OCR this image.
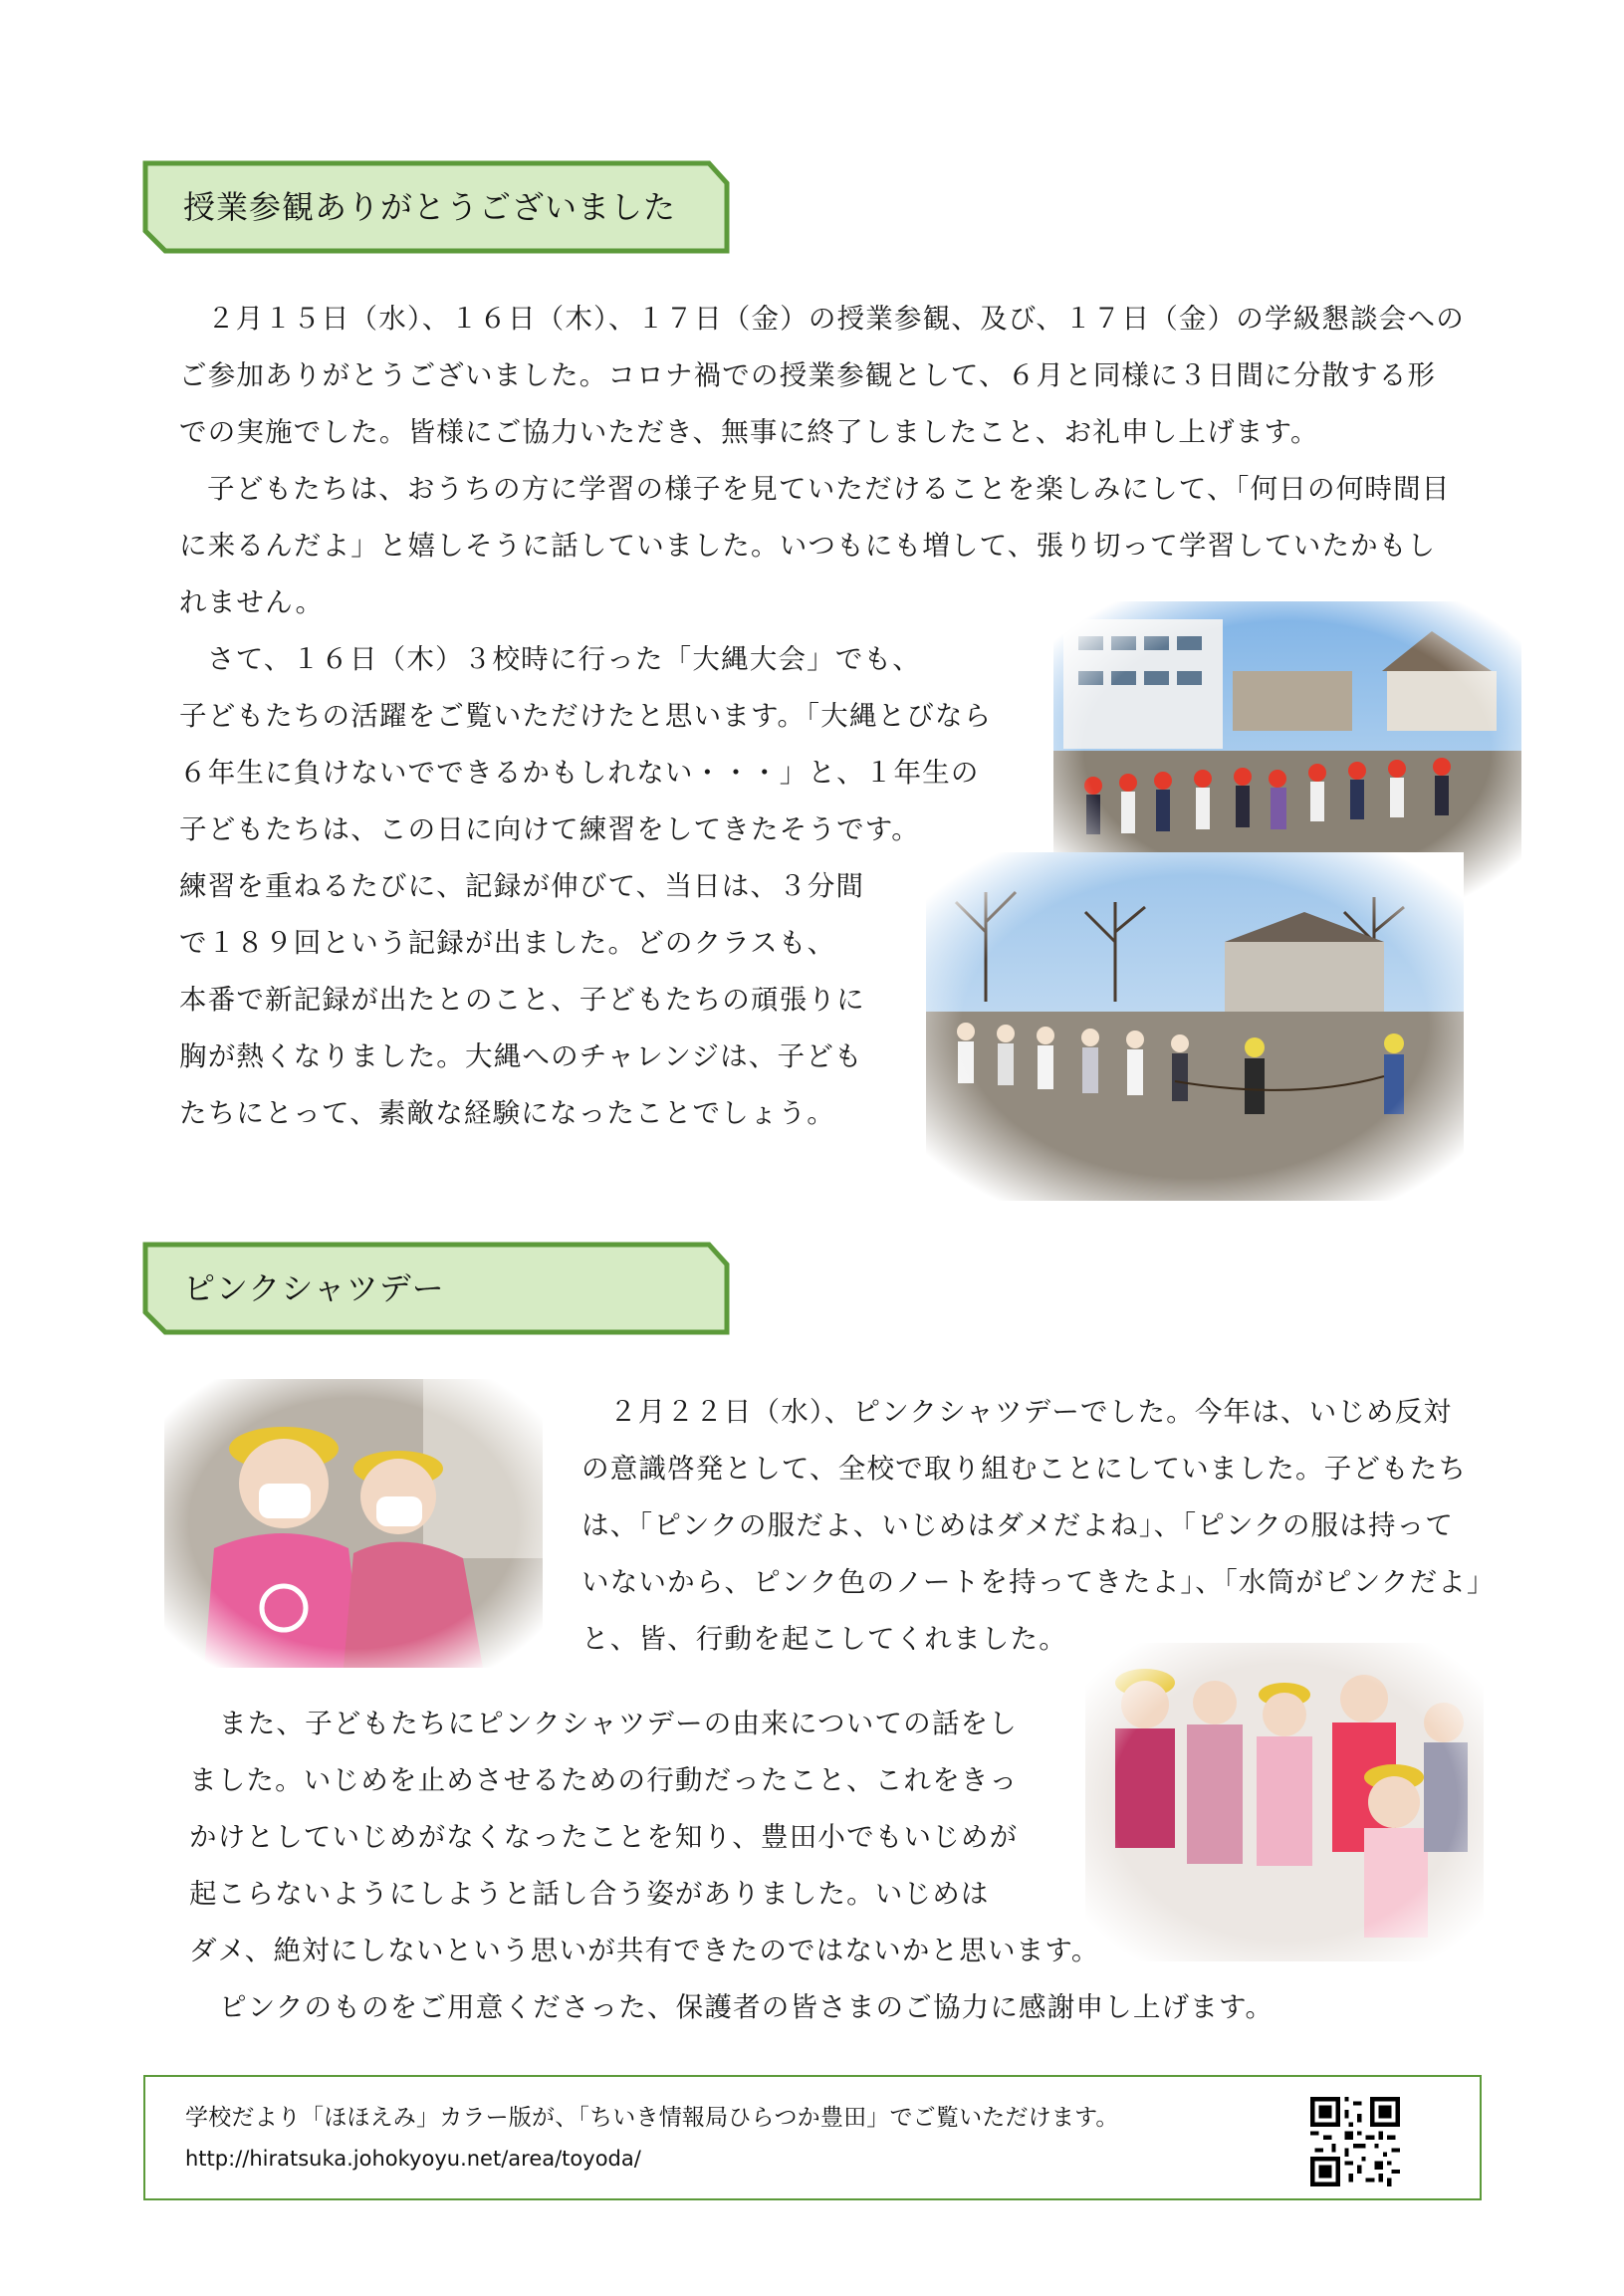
授業参観ありがとうございました
２月１５日（水）、１６日（木）、１７日（金）の授業参観、及び、１７日（金）の学級懇談会への
ご参加ありがとうございました。コロナ禍での授業参観として、６月と同様に３日間に分散する形
での実施でした。皆様にご協力いただき、無事に終了しましたこと、お礼申し上げます。
子どもたちは、おうちの方に学習の様子を見ていただけることを楽しみにして、「何日の何時間目
に来るんだよ」と嬉しそうに話していました。いつもにも増して、張り切って学習していたかもし
れません。
さて、１６日（木）３校時に行った「大縄大会」でも、
子どもたちの活躍をご覧いただけたと思います。「大縄とびなら
６年生に負けないでできるかもしれない・・・」と、１年生の
子どもたちは、この日に向けて練習をしてきたそうです。
練習を重ねるたびに、記録が伸びて、当日は、３分間
で１８９回という記録が出ました。どのクラスも、
本番で新記録が出たとのこと、子どもたちの頑張りに
胸が熱くなりました。大縄へのチャレンジは、子ども
たちにとって、素敵な経験になったことでしょう。
ピンクシャツデー
２月２２日（水）、ピンクシャツデーでした。今年は、いじめ反対
の意識啓発として、全校で取り組むことにしていました。子どもたち
は、「ピンクの服だよ、いじめはダメだよね」、「ピンクの服は持って
いないから、ピンク色のノートを持ってきたよ」、「水筒がピンクだよ」
と、皆、行動を起こしてくれました。
また、子どもたちにピンクシャツデーの由来についての話をし
ました。いじめを止めさせるための行動だったこと、これをきっ
かけとしていじめがなくなったことを知り、豊田小でもいじめが
起こらないようにしようと話し合う姿がありました。いじめは
ダメ、絶対にしないという思いが共有できたのではないかと思います。
ピンクのものをご用意くださった、保護者の皆さまのご協力に感謝申し上げます。
学校だより「ほほえみ」カラー版が、「ちいき情報局ひらつか豊田」でご覧いただけます。
http://hiratsuka.johokyoyu.net/area/toyoda/
